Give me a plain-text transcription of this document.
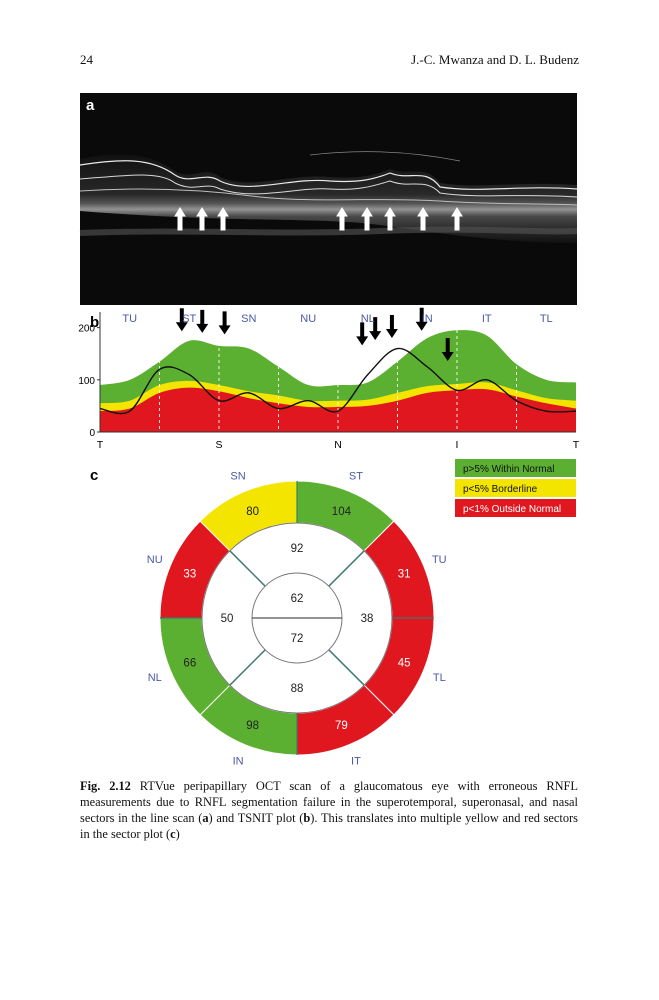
24	J.-C. Mwanza and D. L. Budenz
a
0
100
200
T	S	N	I	T
TU	ST	SN	NU	NL	IN	IT	TL
b
c	p>5% Within Normal
p<5% Borderline
p<1% Outside Normal
104
31
45
79
98
66
33
80
92
38
88
50
62
72
ST
TU
TL
IT
IN
NL
NU
SN
Fig. 2.12 RTVue peripapillary OCT scan of a glaucomatous eye with erroneous RNFL measurements due to RNFL segmentation failure in the superotemporal, superonasal, and nasal sectors in the line scan (a) and TSNIT plot (b). This translates into multiple yellow and red sectors in the sector plot (c)
